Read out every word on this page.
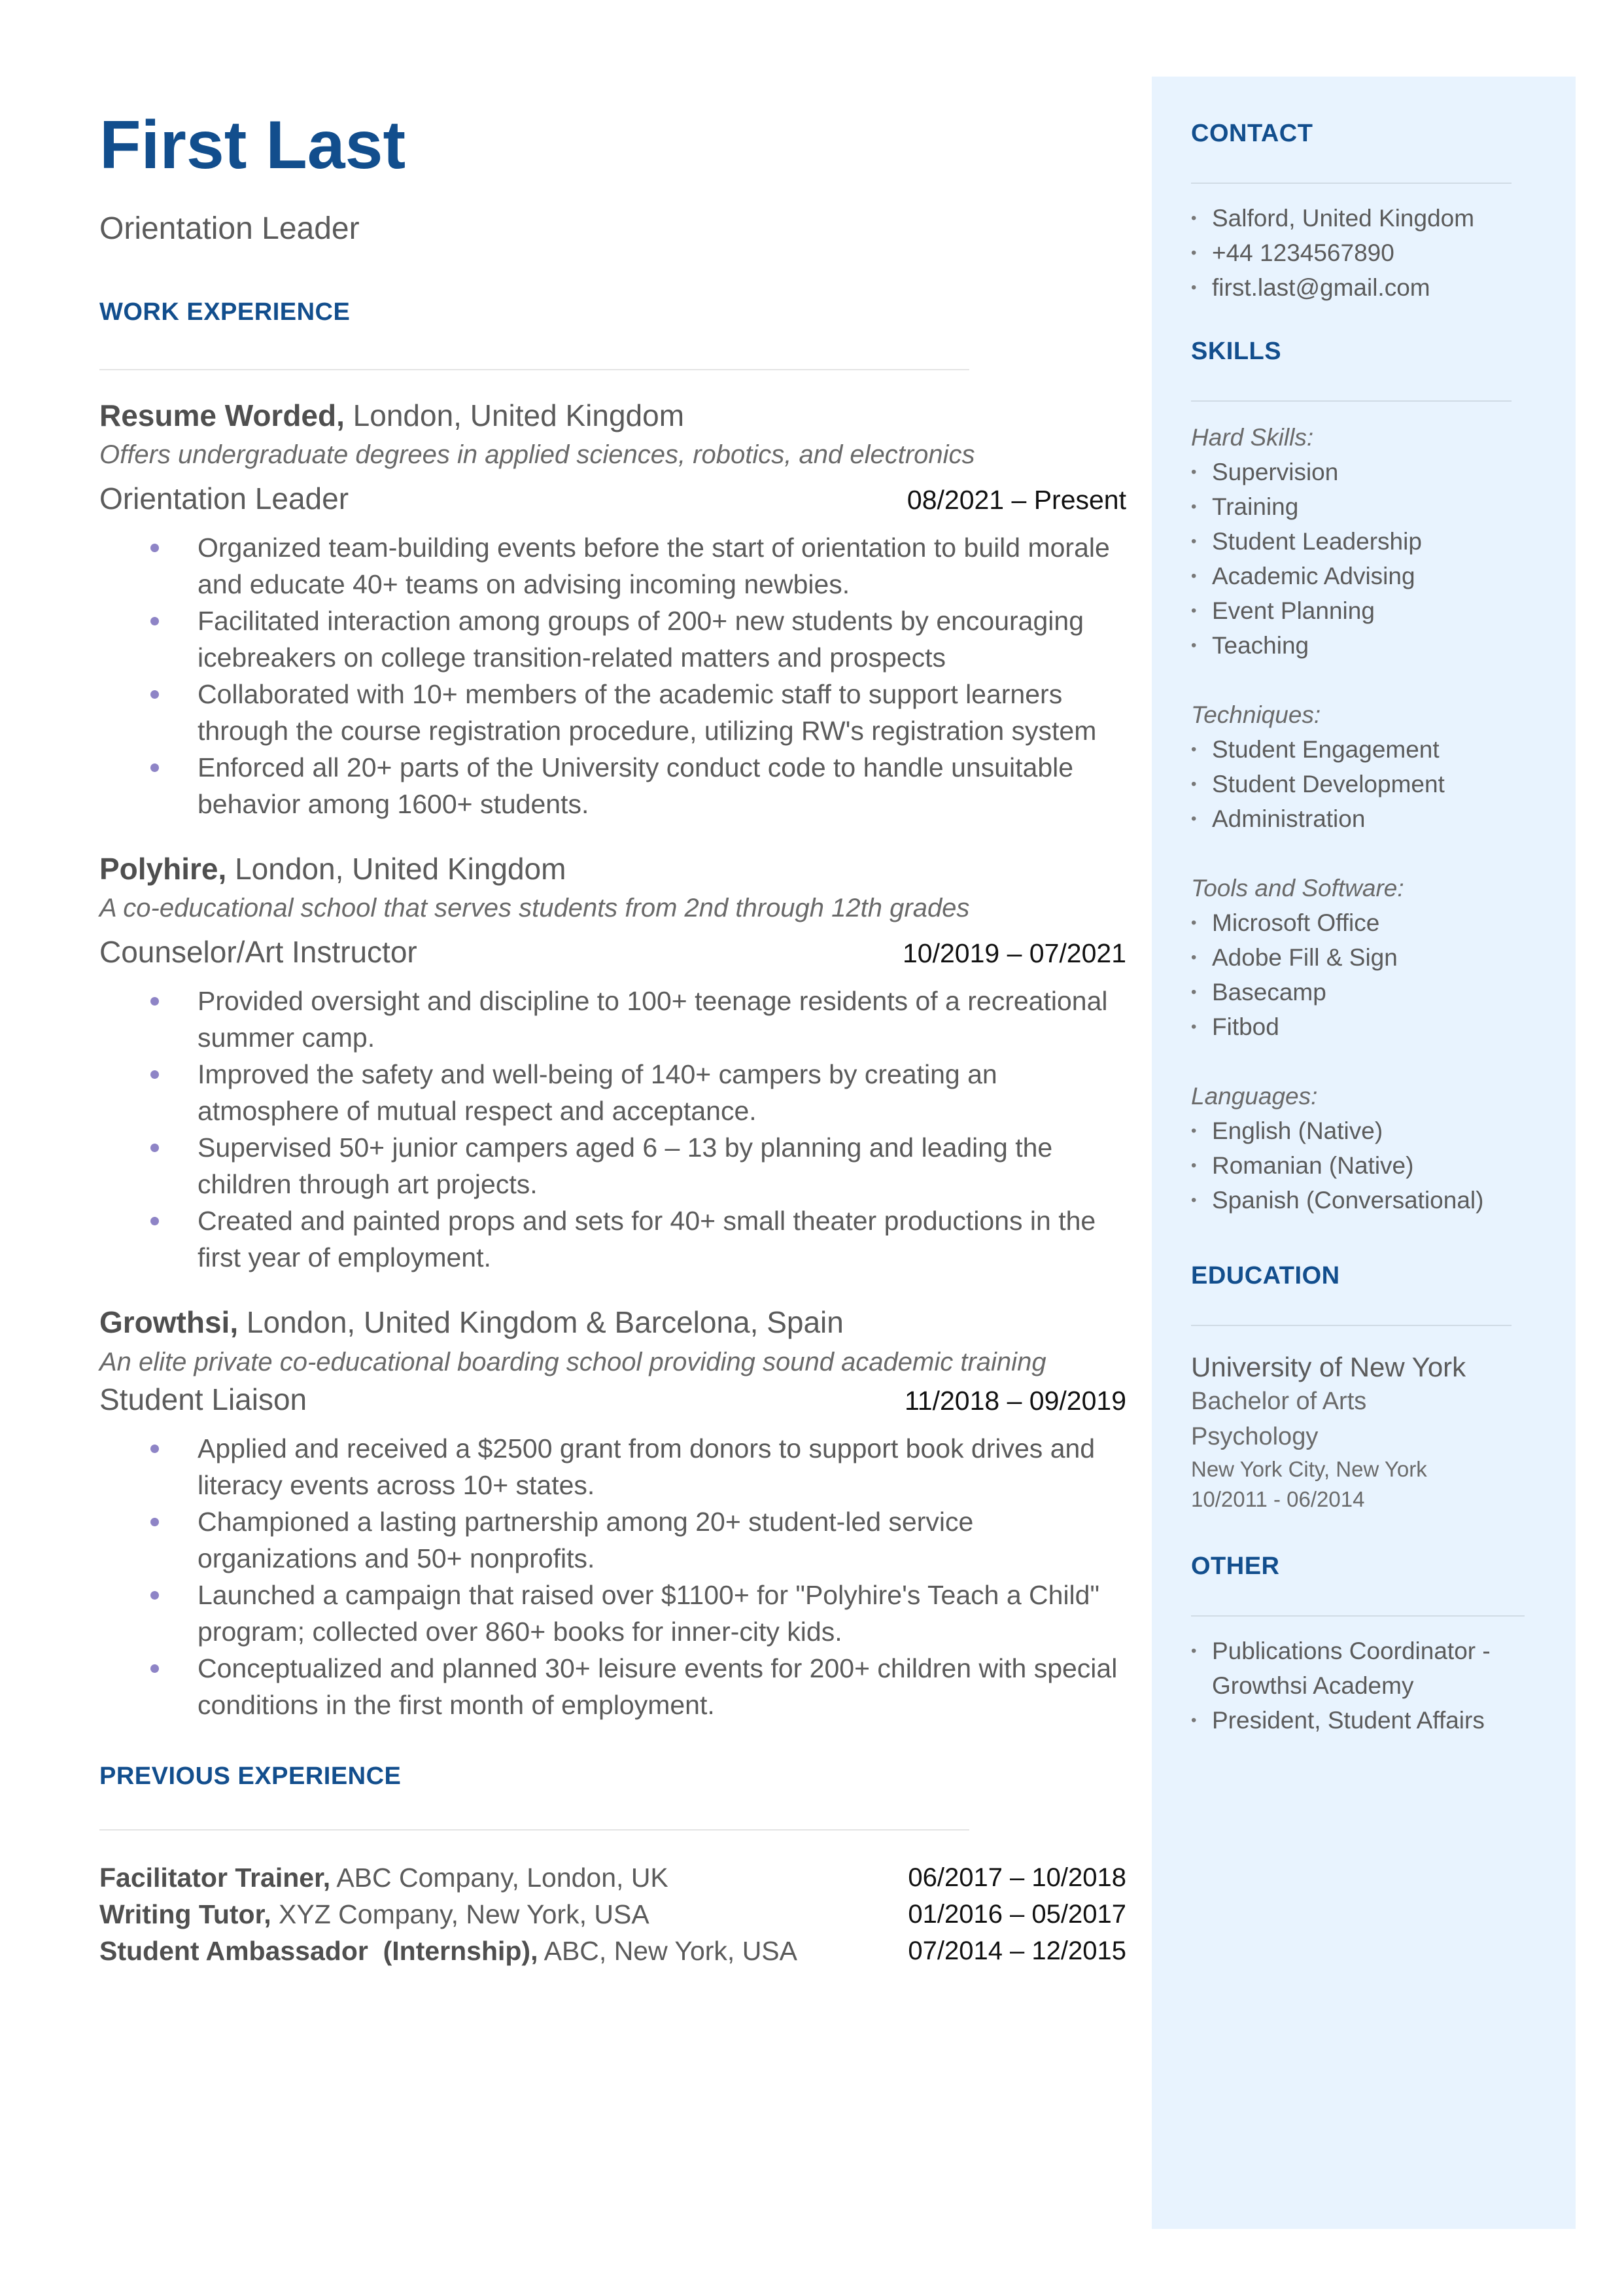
First Last
Orientation Leader
WORK EXPERIENCE
Resume Worded, London, United Kingdom
Offers undergraduate degrees in applied sciences, robotics, and electronics
Orientation Leader	08/2021 – Present
Organized team-building events before the start of orientation to build morale and educate 40+ teams on advising incoming newbies.
Facilitated interaction among groups of 200+ new students by encouraging icebreakers on college transition-related matters and prospects
Collaborated with 10+ members of the academic staff to support learners through the course registration procedure, utilizing RW's registration system
Enforced all 20+ parts of the University conduct code to handle unsuitable behavior among 1600+ students.
Polyhire, London, United Kingdom
A co-educational school that serves students from 2nd through 12th grades
Counselor/Art Instructor	10/2019 – 07/2021
Provided oversight and discipline to 100+ teenage residents of a recreational summer camp.
Improved the safety and well-being of 140+ campers by creating an atmosphere of mutual respect and acceptance.
Supervised 50+ junior campers aged 6 – 13 by planning and leading the children through art projects.
Created and painted props and sets for 40+ small theater productions in the first year of employment.
Growthsi, London, United Kingdom & Barcelona, Spain
An elite private co-educational boarding school providing sound academic training
Student Liaison	11/2018 – 09/2019
Applied and received a $2500 grant from donors to support book drives and literacy events across 10+ states.
Championed a lasting partnership among 20+ student-led service organizations and 50+ nonprofits.
Launched a campaign that raised over $1100+ for "Polyhire's Teach a Child" program; collected over 860+ books for inner-city kids.
Conceptualized and planned 30+ leisure events for 200+ children with special conditions in the first month of employment.
PREVIOUS EXPERIENCE
Facilitator Trainer, ABC Company, London, UK	06/2017 – 10/2018
Writing Tutor, XYZ Company, New York, USA	01/2016 – 05/2017
Student Ambassador  (Internship), ABC, New York, USA	07/2014 – 12/2015
CONTACT
• Salford, United Kingdom
• +44 1234567890
• first.last@gmail.com
SKILLS
Hard Skills:
• Supervision
• Training
• Student Leadership
• Academic Advising
• Event Planning
• Teaching
Techniques:
• Student Engagement
• Student Development
• Administration
Tools and Software:
• Microsoft Office
• Adobe Fill & Sign
• Basecamp
• Fitbod
Languages:
• English (Native)
• Romanian (Native)
• Spanish (Conversational)
EDUCATION
University of New York
Bachelor of Arts
Psychology
New York City, New York
10/2011 - 06/2014
OTHER
• Publications Coordinator - Growthsi Academy
• President, Student Affairs
